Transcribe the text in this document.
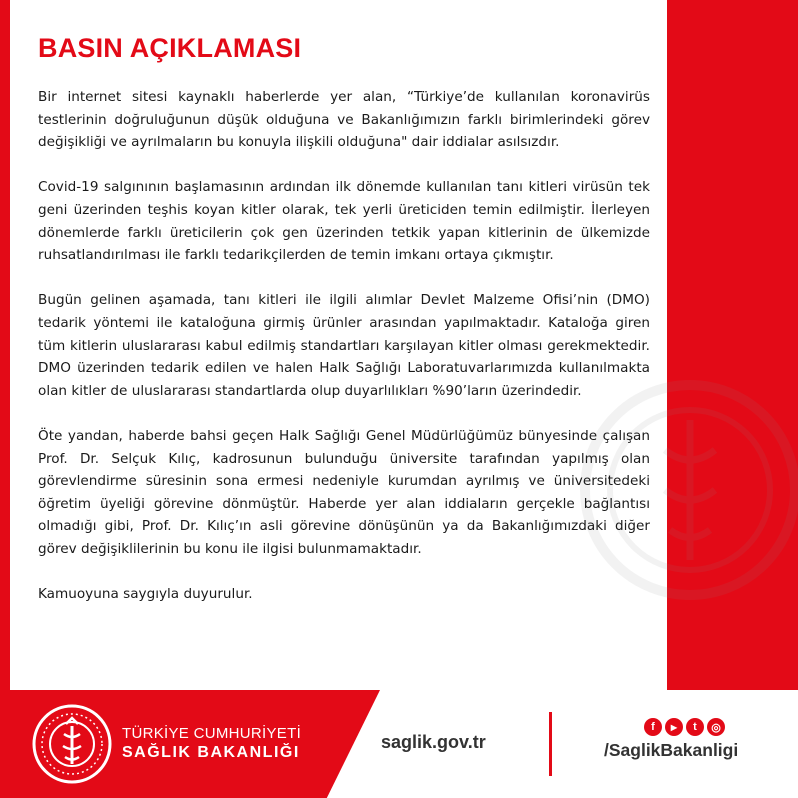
BASIN AÇIKLAMASI

Bir internet sitesi kaynaklı haberlerde yer alan, “Türkiye’de kullanılan koronavirüs testlerinin doğruluğunun düşük olduğuna ve Bakanlığımızın farklı birimlerindeki görev değişikliği ve ayrılmaların bu konuyla ilişkili olduğuna" dair iddialar asılsızdır.

Covid-19 salgınının başlamasının ardından ilk dönemde kullanılan tanı kitleri virüsün tek geni üzerinden teşhis koyan kitler olarak, tek yerli üreticiden temin edilmiştir. İlerleyen dönemlerde farklı üreticilerin çok gen üzerinden tetkik yapan kitlerinin de ülkemizde ruhsatlandırılması ile farklı tedarikçilerden de temin imkanı ortaya çıkmıştır.

Bugün gelinen aşamada, tanı kitleri ile ilgili alımlar Devlet Malzeme Ofisi’nin (DMO) tedarik yöntemi ile kataloğuna girmiş ürünler arasından yapılmaktadır. Kataloğa giren tüm kitlerin uluslararası kabul edilmiş standartları karşılayan kitler olması gerekmektedir. DMO üzerinden tedarik edilen ve halen Halk Sağlığı Laboratuvarlarımızda kullanılmakta olan kitler de uluslararası standartlarda olup duyarlılıkları %90’ların üzerindedir.

Öte yandan, haberde bahsi geçen Halk Sağlığı Genel Müdürlüğümüz bünyesinde çalışan Prof. Dr. Selçuk Kılıç, kadrosunun bulunduğu üniversite tarafından yapılmış olan görevlendirme süresinin sona ermesi nedeniyle kurumdan ayrılmış ve üniversitedeki öğretim üyeliği görevine dönmüştür. Haberde yer alan iddiaların gerçekle bağlantısı olmadığı gibi, Prof. Dr. Kılıç’ın asli görevine dönüşünün ya da Bakanlığımızdaki diğer görev değişiklilerinin bu konu ile ilgisi bulunmamaktadır.

Kamuoyuna saygıyla duyurulur.

TÜRKİYE CUMHURİYETİ
SAĞLIK BAKANLIĞI
saglik.gov.tr
f	▶	t	◎
/SaglikBakanligi
